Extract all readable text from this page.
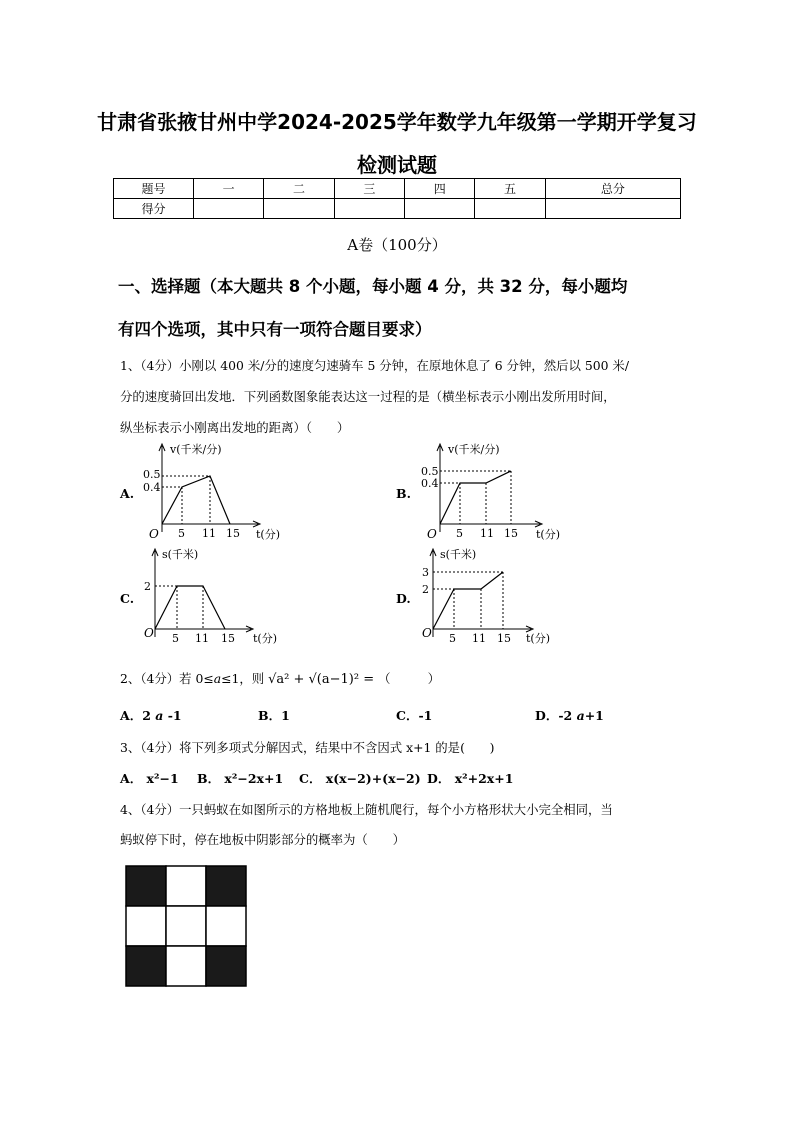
甘肃省张掖甘州中学2024-2025学年数学九年级第一学期开学复习
检测试题
题号	一	二	三	四	五	总分
得分						
A卷（100分）
一、选择题（本大题共 8 个小题，每小题 4 分，共 32 分，每小题均
有四个选项，其中只有一项符合题目要求）
1、（4分）小刚以 400 米/分的速度匀速骑车 5 分钟，在原地休息了 6 分钟，然后以 500 米/
分的速度骑回出发地．下列函数图象能表达这一过程的是（横坐标表示小刚出发所用时间，
纵坐标表示小刚离出发地的距离）（　　）
A.	B.
C.	D.
v(千米/分)
t(分)
O
0.5
0.4
5 11 15
v(千米/分)
t(分)
O
0.5
0.4
5 11 15
s(千米)
t(分)
O
2
5 11 15
s(千米)
t(分)
O
3
2
5 11 15
2、（4分）若 0≤a≤1，则 √a² + √(a−1)² = （　　　）
A．2 a -1	B．1	C．-1	D．-2 a+1
3、（4分）将下列多项式分解因式，结果中不含因式 x+1 的是(　　)
A． x²−1 B． x²−2x+1 C． x(x−2)+(x−2) D． x²+2x+1
4、（4分）一只蚂蚁在如图所示的方格地板上随机爬行，每个小方格形状大小完全相同，当
蚂蚁停下时，停在地板中阴影部分的概率为（　　）
